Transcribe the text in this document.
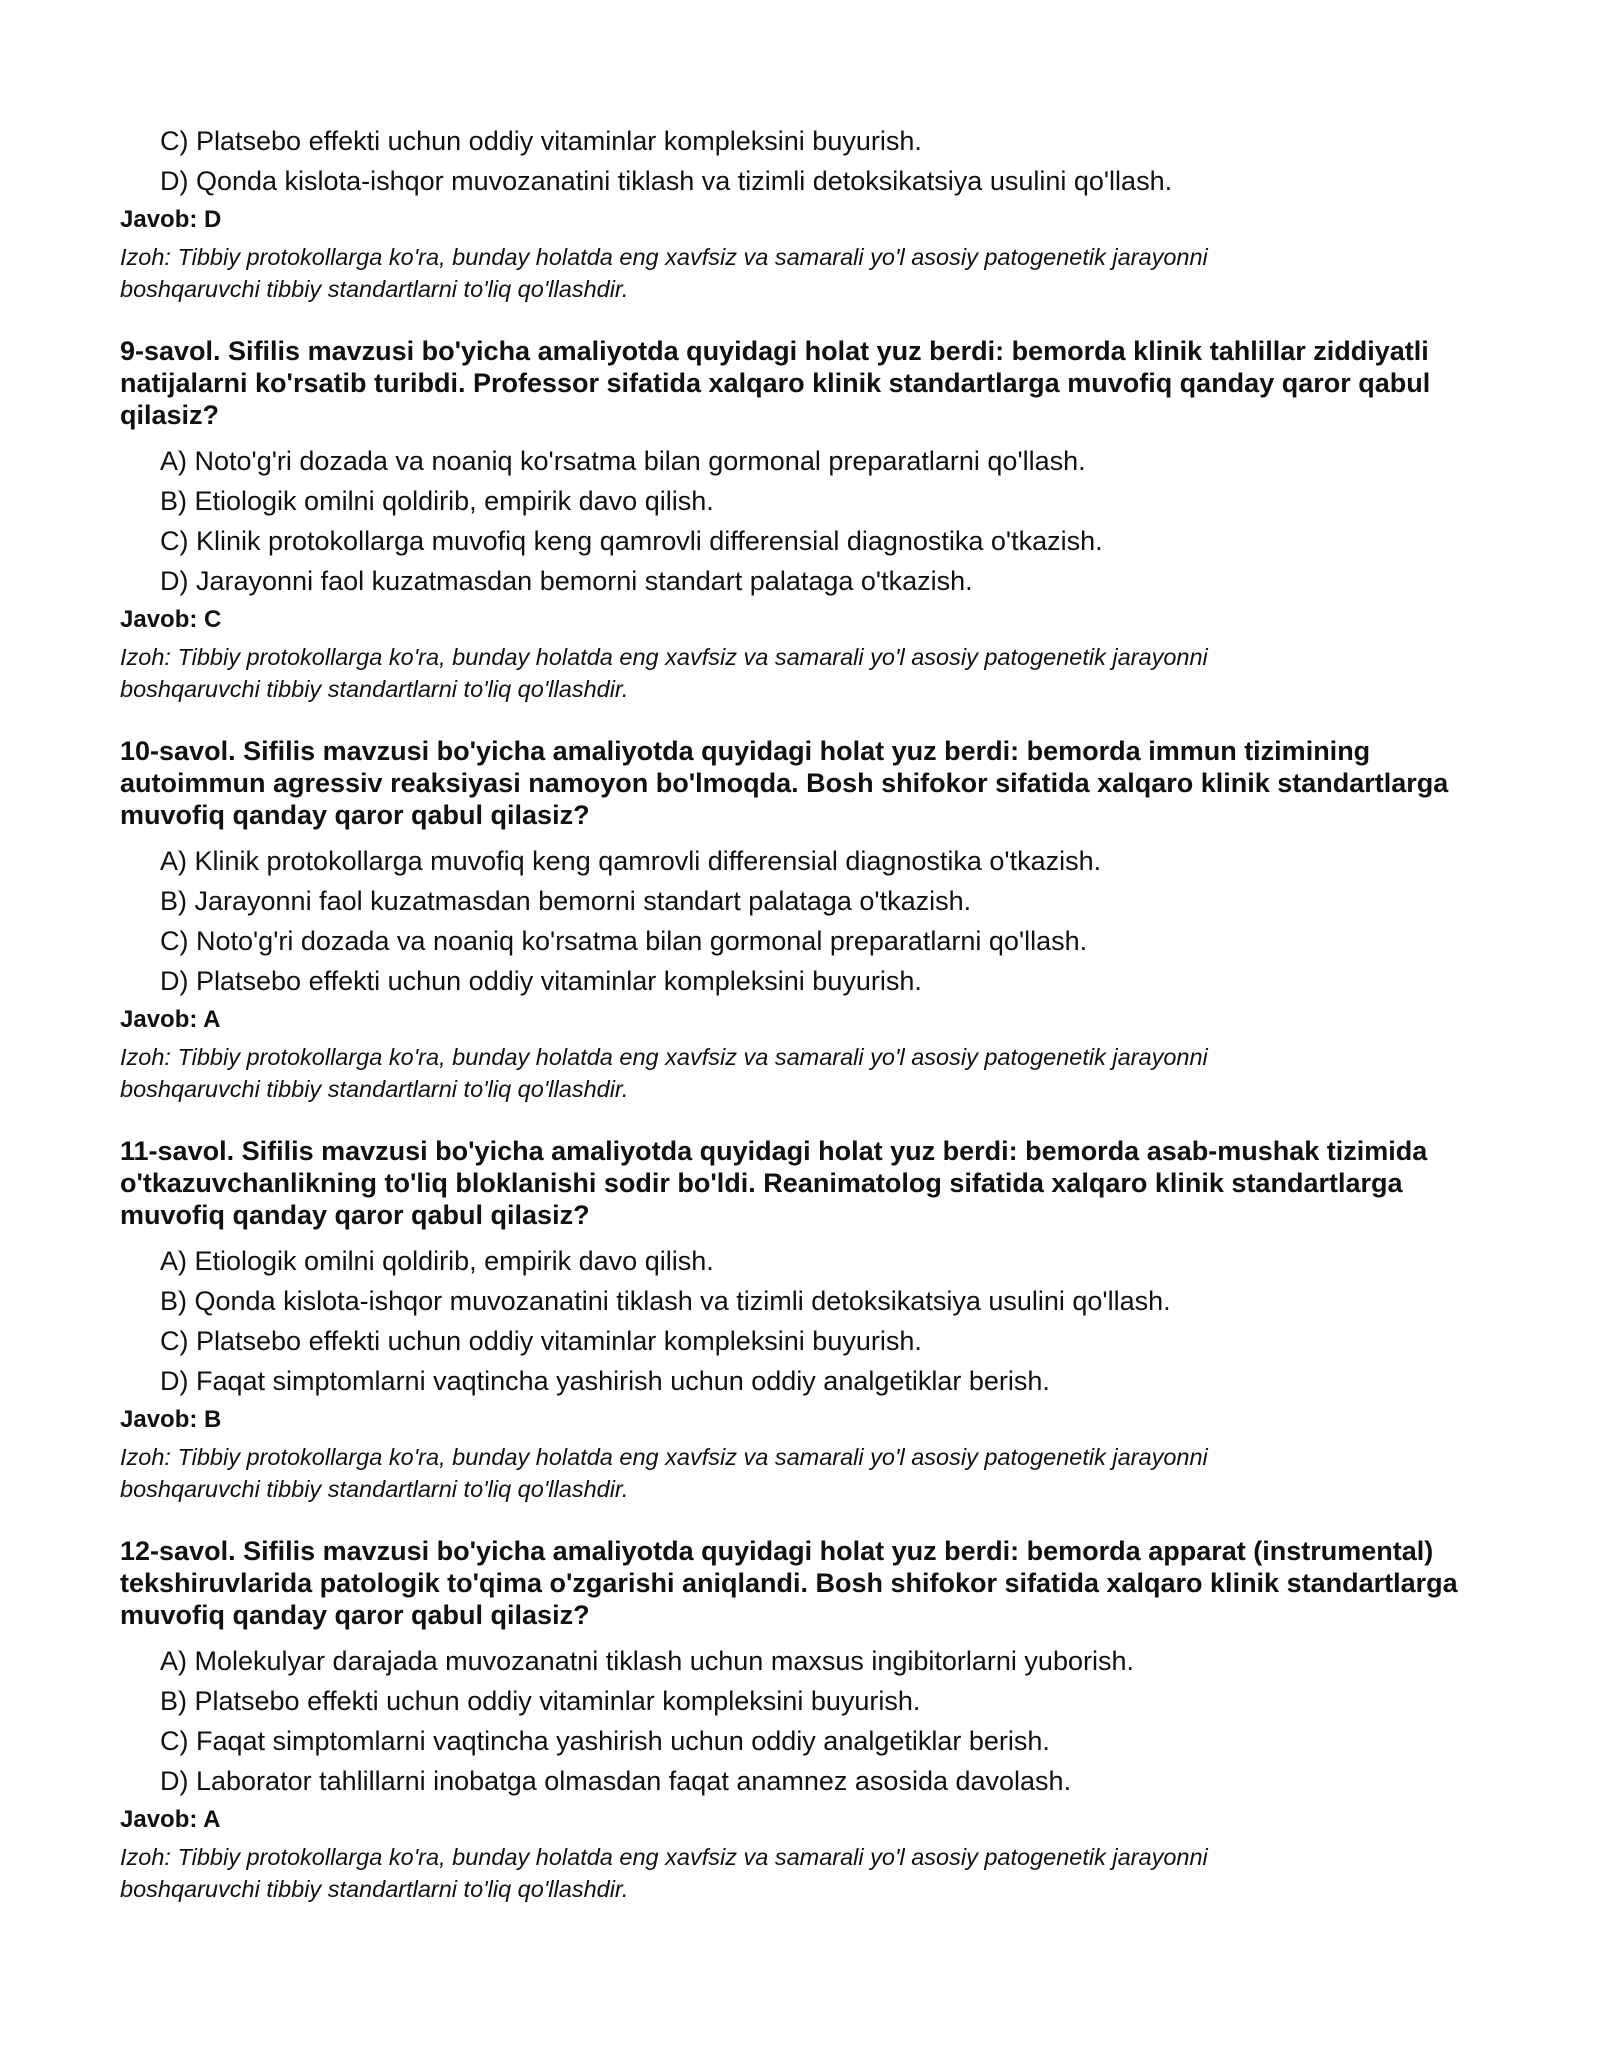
C) Platsebo effekti uchun oddiy vitaminlar kompleksini buyurish.
D) Qonda kislota-ishqor muvozanatini tiklash va tizimli detoksikatsiya usulini qo'llash.
Javob: D
Izoh: Tibbiy protokollarga ko'ra, bunday holatda eng xavfsiz va samarali yo'l asosiy patogenetik jarayonni
boshqaruvchi tibbiy standartlarni to'liq qo'llashdir.
9-savol. Sifilis mavzusi bo'yicha amaliyotda quyidagi holat yuz berdi: bemorda klinik tahlillar ziddiyatli natijalarni ko'rsatib turibdi. Professor sifatida xalqaro klinik standartlarga muvofiq qanday qaror qabul qilasiz?
A) Noto'g'ri dozada va noaniq ko'rsatma bilan gormonal preparatlarni qo'llash.
B) Etiologik omilni qoldirib, empirik davo qilish.
C) Klinik protokollarga muvofiq keng qamrovli differensial diagnostika o'tkazish.
D) Jarayonni faol kuzatmasdan bemorni standart palataga o'tkazish.
Javob: C
Izoh: Tibbiy protokollarga ko'ra, bunday holatda eng xavfsiz va samarali yo'l asosiy patogenetik jarayonni
boshqaruvchi tibbiy standartlarni to'liq qo'llashdir.
10-savol. Sifilis mavzusi bo'yicha amaliyotda quyidagi holat yuz berdi: bemorda immun tizimining autoimmun agressiv reaksiyasi namoyon bo'lmoqda. Bosh shifokor sifatida xalqaro klinik standartlarga muvofiq qanday qaror qabul qilasiz?
A) Klinik protokollarga muvofiq keng qamrovli differensial diagnostika o'tkazish.
B) Jarayonni faol kuzatmasdan bemorni standart palataga o'tkazish.
C) Noto'g'ri dozada va noaniq ko'rsatma bilan gormonal preparatlarni qo'llash.
D) Platsebo effekti uchun oddiy vitaminlar kompleksini buyurish.
Javob: A
Izoh: Tibbiy protokollarga ko'ra, bunday holatda eng xavfsiz va samarali yo'l asosiy patogenetik jarayonni
boshqaruvchi tibbiy standartlarni to'liq qo'llashdir.
11-savol. Sifilis mavzusi bo'yicha amaliyotda quyidagi holat yuz berdi: bemorda asab-mushak tizimida o'tkazuvchanlikning to'liq bloklanishi sodir bo'ldi. Reanimatolog sifatida xalqaro klinik standartlarga muvofiq qanday qaror qabul qilasiz?
A) Etiologik omilni qoldirib, empirik davo qilish.
B) Qonda kislota-ishqor muvozanatini tiklash va tizimli detoksikatsiya usulini qo'llash.
C) Platsebo effekti uchun oddiy vitaminlar kompleksini buyurish.
D) Faqat simptomlarni vaqtincha yashirish uchun oddiy analgetiklar berish.
Javob: B
Izoh: Tibbiy protokollarga ko'ra, bunday holatda eng xavfsiz va samarali yo'l asosiy patogenetik jarayonni
boshqaruvchi tibbiy standartlarni to'liq qo'llashdir.
12-savol. Sifilis mavzusi bo'yicha amaliyotda quyidagi holat yuz berdi: bemorda apparat (instrumental) tekshiruvlarida patologik to'qima o'zgarishi aniqlandi. Bosh shifokor sifatida xalqaro klinik standartlarga muvofiq qanday qaror qabul qilasiz?
A) Molekulyar darajada muvozanatni tiklash uchun maxsus ingibitorlarni yuborish.
B) Platsebo effekti uchun oddiy vitaminlar kompleksini buyurish.
C) Faqat simptomlarni vaqtincha yashirish uchun oddiy analgetiklar berish.
D) Laborator tahlillarni inobatga olmasdan faqat anamnez asosida davolash.
Javob: A
Izoh: Tibbiy protokollarga ko'ra, bunday holatda eng xavfsiz va samarali yo'l asosiy patogenetik jarayonni
boshqaruvchi tibbiy standartlarni to'liq qo'llashdir.
